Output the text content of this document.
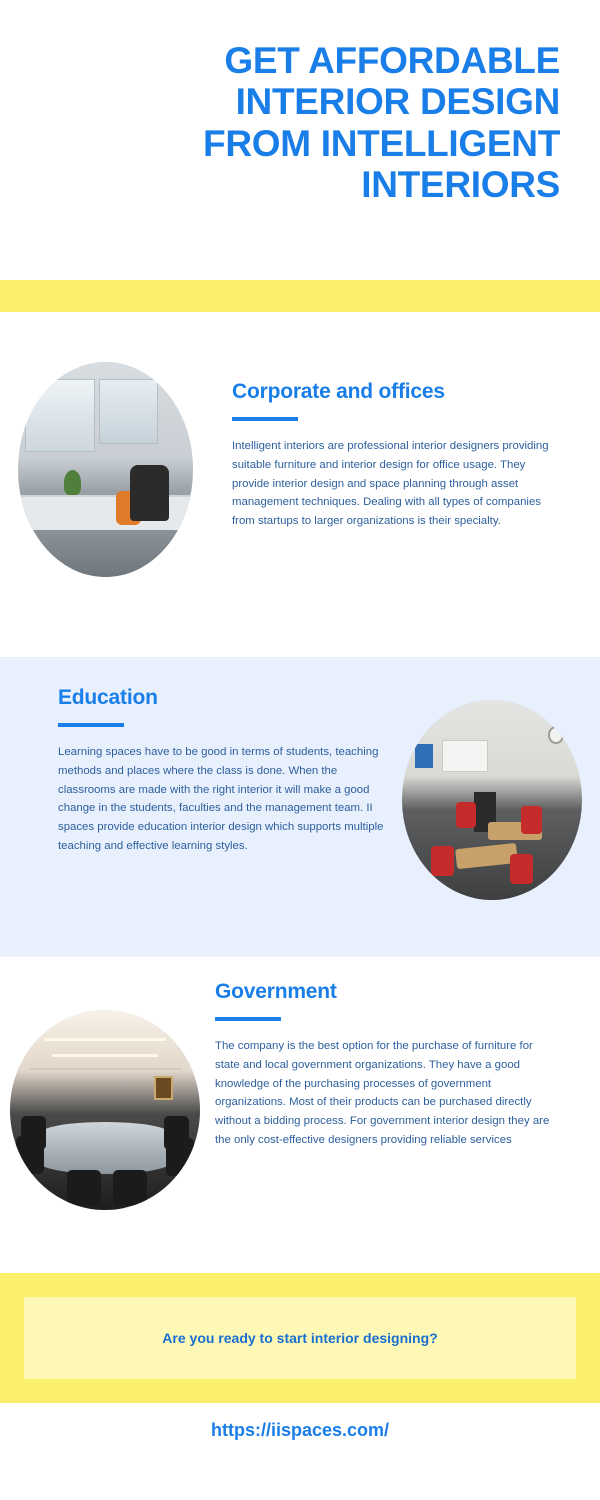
GET AFFORDABLE
INTERIOR DESIGN
FROM INTELLIGENT
INTERIORS
Corporate and offices
Intelligent interiors are professional interior designers providing suitable furniture and interior design for office usage. They provide interior design and space planning through asset management techniques. Dealing with all types of companies from startups to larger organizations is their specialty.
Education
Learning spaces have to be good in terms of students, teaching methods and places where the class is done. When the classrooms are made with the right interior it will make a good change in the students, faculties and the management team. II spaces provide education interior design which supports multiple teaching and effective learning styles.
Government
The company is the best option for the purchase of furniture for state and local government organizations. They have a good knowledge of the purchasing processes of government organizations. Most of their products can be purchased directly without a bidding process. For government interior design they are the only cost-effective designers providing reliable services
Are you ready to start interior designing?
https://iispaces.com/
